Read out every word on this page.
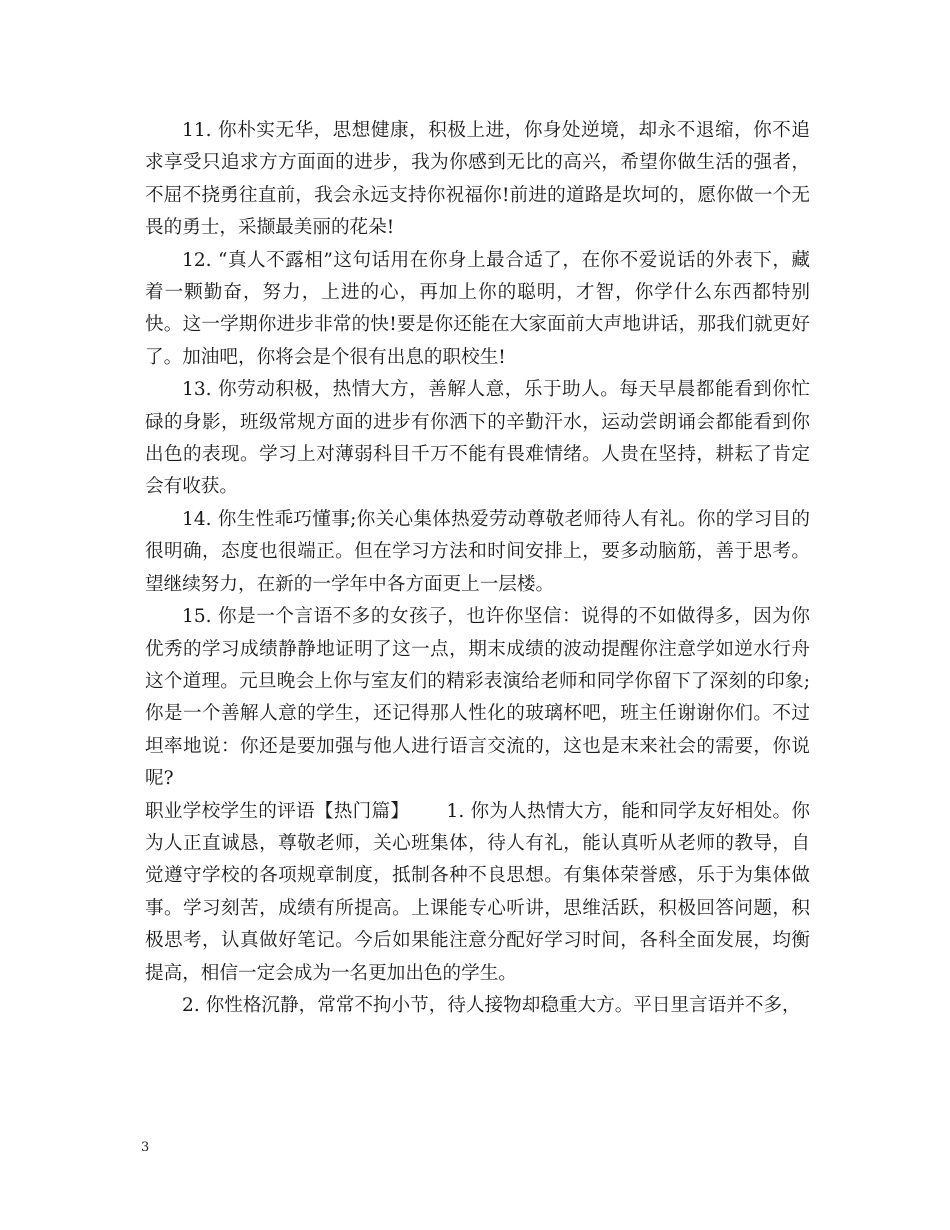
11. 你朴实无华，思想健康，积极上进，你身处逆境，却永不退缩，你不追求享受只追求方方面面的进步，我为你感到无比的高兴，希望你做生活的强者，不屈不挠勇往直前，我会永远支持你祝福你!前进的道路是坎坷的，愿你做一个无畏的勇士，采撷最美丽的花朵!

12. “真人不露相”这句话用在你身上最合适了，在你不爱说话的外表下，藏着一颗勤奋，努力，上进的心，再加上你的聪明，才智，你学什么东西都特别快。这一学期你进步非常的快!要是你还能在大家面前大声地讲话，那我们就更好了。加油吧，你将会是个很有出息的职校生!

13. 你劳动积极，热情大方，善解人意，乐于助人。每天早晨都能看到你忙碌的身影，班级常规方面的进步有你洒下的辛勤汗水，运动尝朗诵会都能看到你出色的表现。学习上对薄弱科目千万不能有畏难情绪。人贵在坚持，耕耘了肯定会有收获。

14. 你生性乖巧懂事;你关心集体热爱劳动尊敬老师待人有礼。你的学习目的很明确，态度也很端正。但在学习方法和时间安排上，要多动脑筋，善于思考。望继续努力，在新的一学年中各方面更上一层楼。

15. 你是一个言语不多的女孩子，也许你坚信：说得的不如做得多，因为你优秀的学习成绩静静地证明了这一点，期末成绩的波动提醒你注意学如逆水行舟这个道理。元旦晚会上你与室友们的精彩表演给老师和同学你留下了深刻的印象;你是一个善解人意的学生，还记得那人性化的玻璃杯吧，班主任谢谢你们。不过坦率地说：你还是要加强与他人进行语言交流的，这也是末来社会的需要，你说呢?

职业学校学生的评语【热门篇】 1. 你为人热情大方，能和同学友好相处。你为人正直诚恳，尊敬老师，关心班集体，待人有礼，能认真听从老师的教导，自觉遵守学校的各项规章制度，抵制各种不良思想。有集体荣誉感，乐于为集体做事。学习刻苦，成绩有所提高。上课能专心听讲，思维活跃，积极回答问题，积极思考，认真做好笔记。今后如果能注意分配好学习时间，各科全面发展，均衡提高，相信一定会成为一名更加出色的学生。

2. 你性格沉静，常常不拘小节，待人接物却稳重大方。平日里言语并不多，

3
